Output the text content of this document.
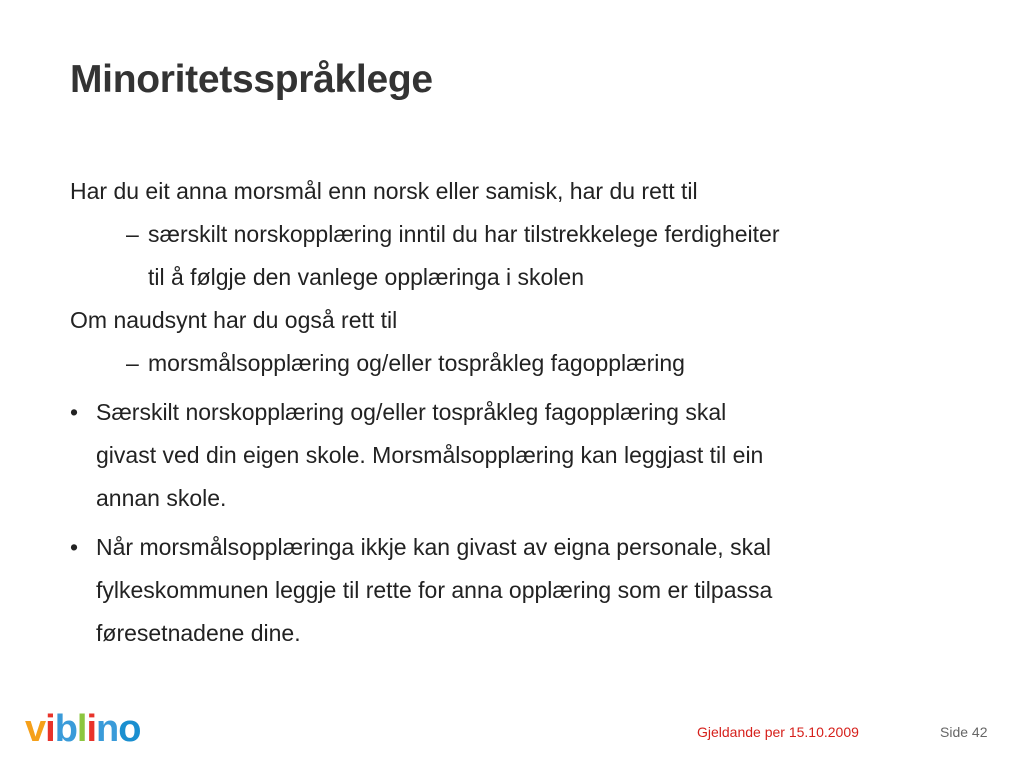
Minoritetsspråklege

Har du eit anna morsmål enn norsk eller samisk, har du rett til

– særskilt norskopplæring inntil du har tilstrekkelege ferdigheiter
til å følgje den vanlege opplæringa i skolen

Om naudsynt har du også rett til

– morsmålsopplæring og/eller tospråkleg fagopplæring

• Særskilt norskopplæring og/eller tospråkleg fagopplæring skal
givast ved din eigen skole. Morsmålsopplæring kan leggjast til ein
annan skole.

• Når morsmålsopplæringa ikkje kan givast av eigna personale, skal
fylkeskommunen leggje til rette for anna opplæring som er tilpassa
føresetnadene dine.

viblino	Gjeldande per 15.10.2009	Side 42
